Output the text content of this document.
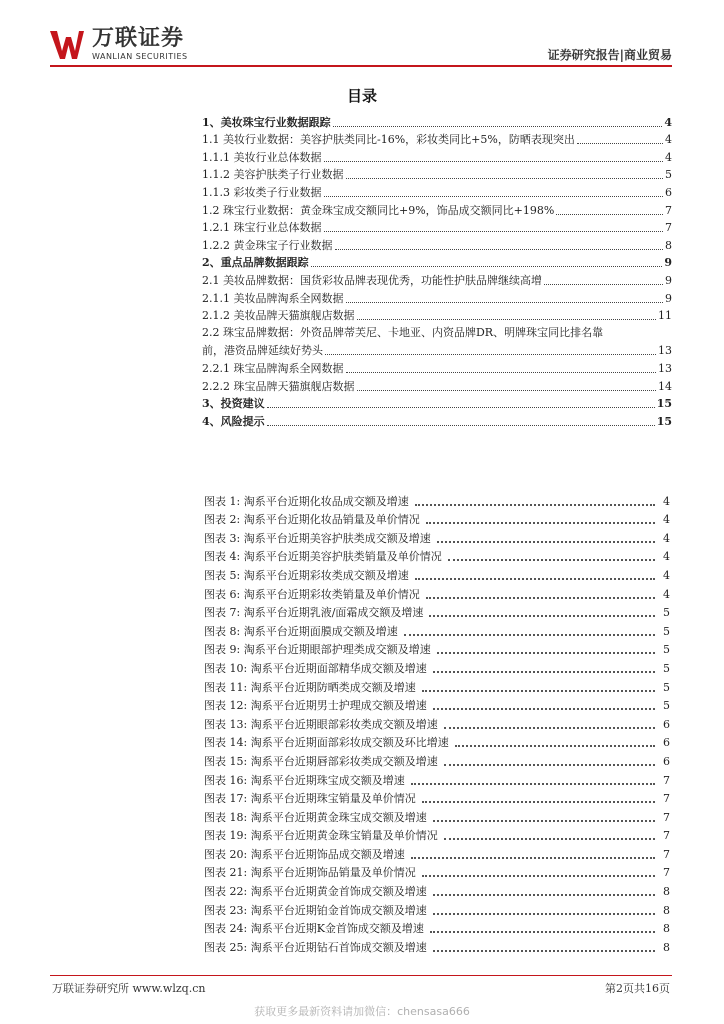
万联证券
WANLIAN SECURITIES	证券研究报告|商业贸易
目录
1、美妆珠宝行业数据跟踪	4
1.1 美妆行业数据：美容护肤类同比-16%，彩妆类同比+5%，防晒表现突出	4
1.1.1 美妆行业总体数据	4
1.1.2 美容护肤类子行业数据	5
1.1.3 彩妆类子行业数据	6
1.2 珠宝行业数据：黄金珠宝成交额同比+9%，饰品成交额同比+198%	7
1.2.1 珠宝行业总体数据	7
1.2.2 黄金珠宝子行业数据	8
2、重点品牌数据跟踪	9
2.1 美妆品牌数据：国货彩妆品牌表现优秀，功能性护肤品牌继续高增	9
2.1.1 美妆品牌淘系全网数据	9
2.1.2 美妆品牌天猫旗舰店数据	11
2.2 珠宝品牌数据：外资品牌蒂芙尼、卡地亚、内资品牌DR、明牌珠宝同比排名靠
前，港资品牌延续好势头	13
2.2.1 珠宝品牌淘系全网数据	13
2.2.2 珠宝品牌天猫旗舰店数据	14
3、投资建议	15
4、风险提示	15
图表 1: 淘系平台近期化妆品成交额及增速	4
图表 2: 淘系平台近期化妆品销量及单价情况	4
图表 3: 淘系平台近期美容护肤类成交额及增速	4
图表 4: 淘系平台近期美容护肤类销量及单价情况	4
图表 5: 淘系平台近期彩妆类成交额及增速	4
图表 6: 淘系平台近期彩妆类销量及单价情况	4
图表 7: 淘系平台近期乳液/面霜成交额及增速	5
图表 8: 淘系平台近期面膜成交额及增速	5
图表 9: 淘系平台近期眼部护理类成交额及增速	5
图表 10: 淘系平台近期面部精华成交额及增速	5
图表 11: 淘系平台近期防晒类成交额及增速	5
图表 12: 淘系平台近期男士护理成交额及增速	5
图表 13: 淘系平台近期眼部彩妆类成交额及增速	6
图表 14: 淘系平台近期面部彩妆成交额及环比增速	6
图表 15: 淘系平台近期唇部彩妆类成交额及增速	6
图表 16: 淘系平台近期珠宝成交额及增速	7
图表 17: 淘系平台近期珠宝销量及单价情况	7
图表 18: 淘系平台近期黄金珠宝成交额及增速	7
图表 19: 淘系平台近期黄金珠宝销量及单价情况	7
图表 20: 淘系平台近期饰品成交额及增速	7
图表 21: 淘系平台近期饰品销量及单价情况	7
图表 22: 淘系平台近期黄金首饰成交额及增速	8
图表 23: 淘系平台近期铂金首饰成交额及增速	8
图表 24: 淘系平台近期K金首饰成交额及增速	8
图表 25: 淘系平台近期钻石首饰成交额及增速	8
万联证券研究所 www.wlzq.cn	第2页共16页
获取更多最新资料请加微信：chensasa666
